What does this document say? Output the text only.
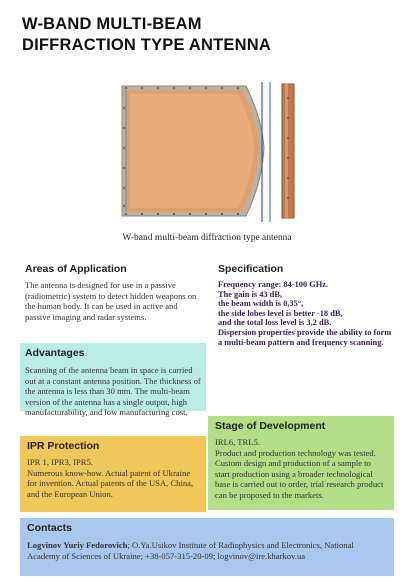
W-BAND MULTI-BEAM
DIFFRACTION TYPE ANTENNA
W-band multi-beam diffraction type antenna
Areas of Application
The antenna is designed for use in a passive (radiometric) system to detect hidden weapons on the human body. It can be used in active and passive imaging and radar systems.
Specification
Frequency range: 84-100 GHz.
The gain is 43 dB,
the beam width is 0,35°,
the side lobes level is better -18 dB,
and the total loss level is 3,2 dB.
Dispersion properties provide the ability to form
a multi-beam pattern and frequency scanning.
Advantages
Scanning of the antenna beam in space is carried out at a constant antenna position. The thickness of the antenna is less than 30 mm. The multi-beam version of the antenna has a single output, high manufacturability, and low manufacturing cost.
Stage of Development
IRL6, TRL5.
Product and production technology was tested. Custom design and production of a sample to start production using a broader technological base is carried out to order, trial research product can be proposed to the markets.
IPR Protection
IPR 1, IPR3, IPR5.
Numerous know-how. Actual patent of Ukraine for invention. Actual patents of the USA, China, and the European Union.
Contacts
Logvinov Yuriy Fedorovich; O.Ya.Usikov Institute of Radiophysics and Electronics, National Academy of Sciences of Ukraine; +38-057-315-20-09; logvinov@ire.kharkov.ua
